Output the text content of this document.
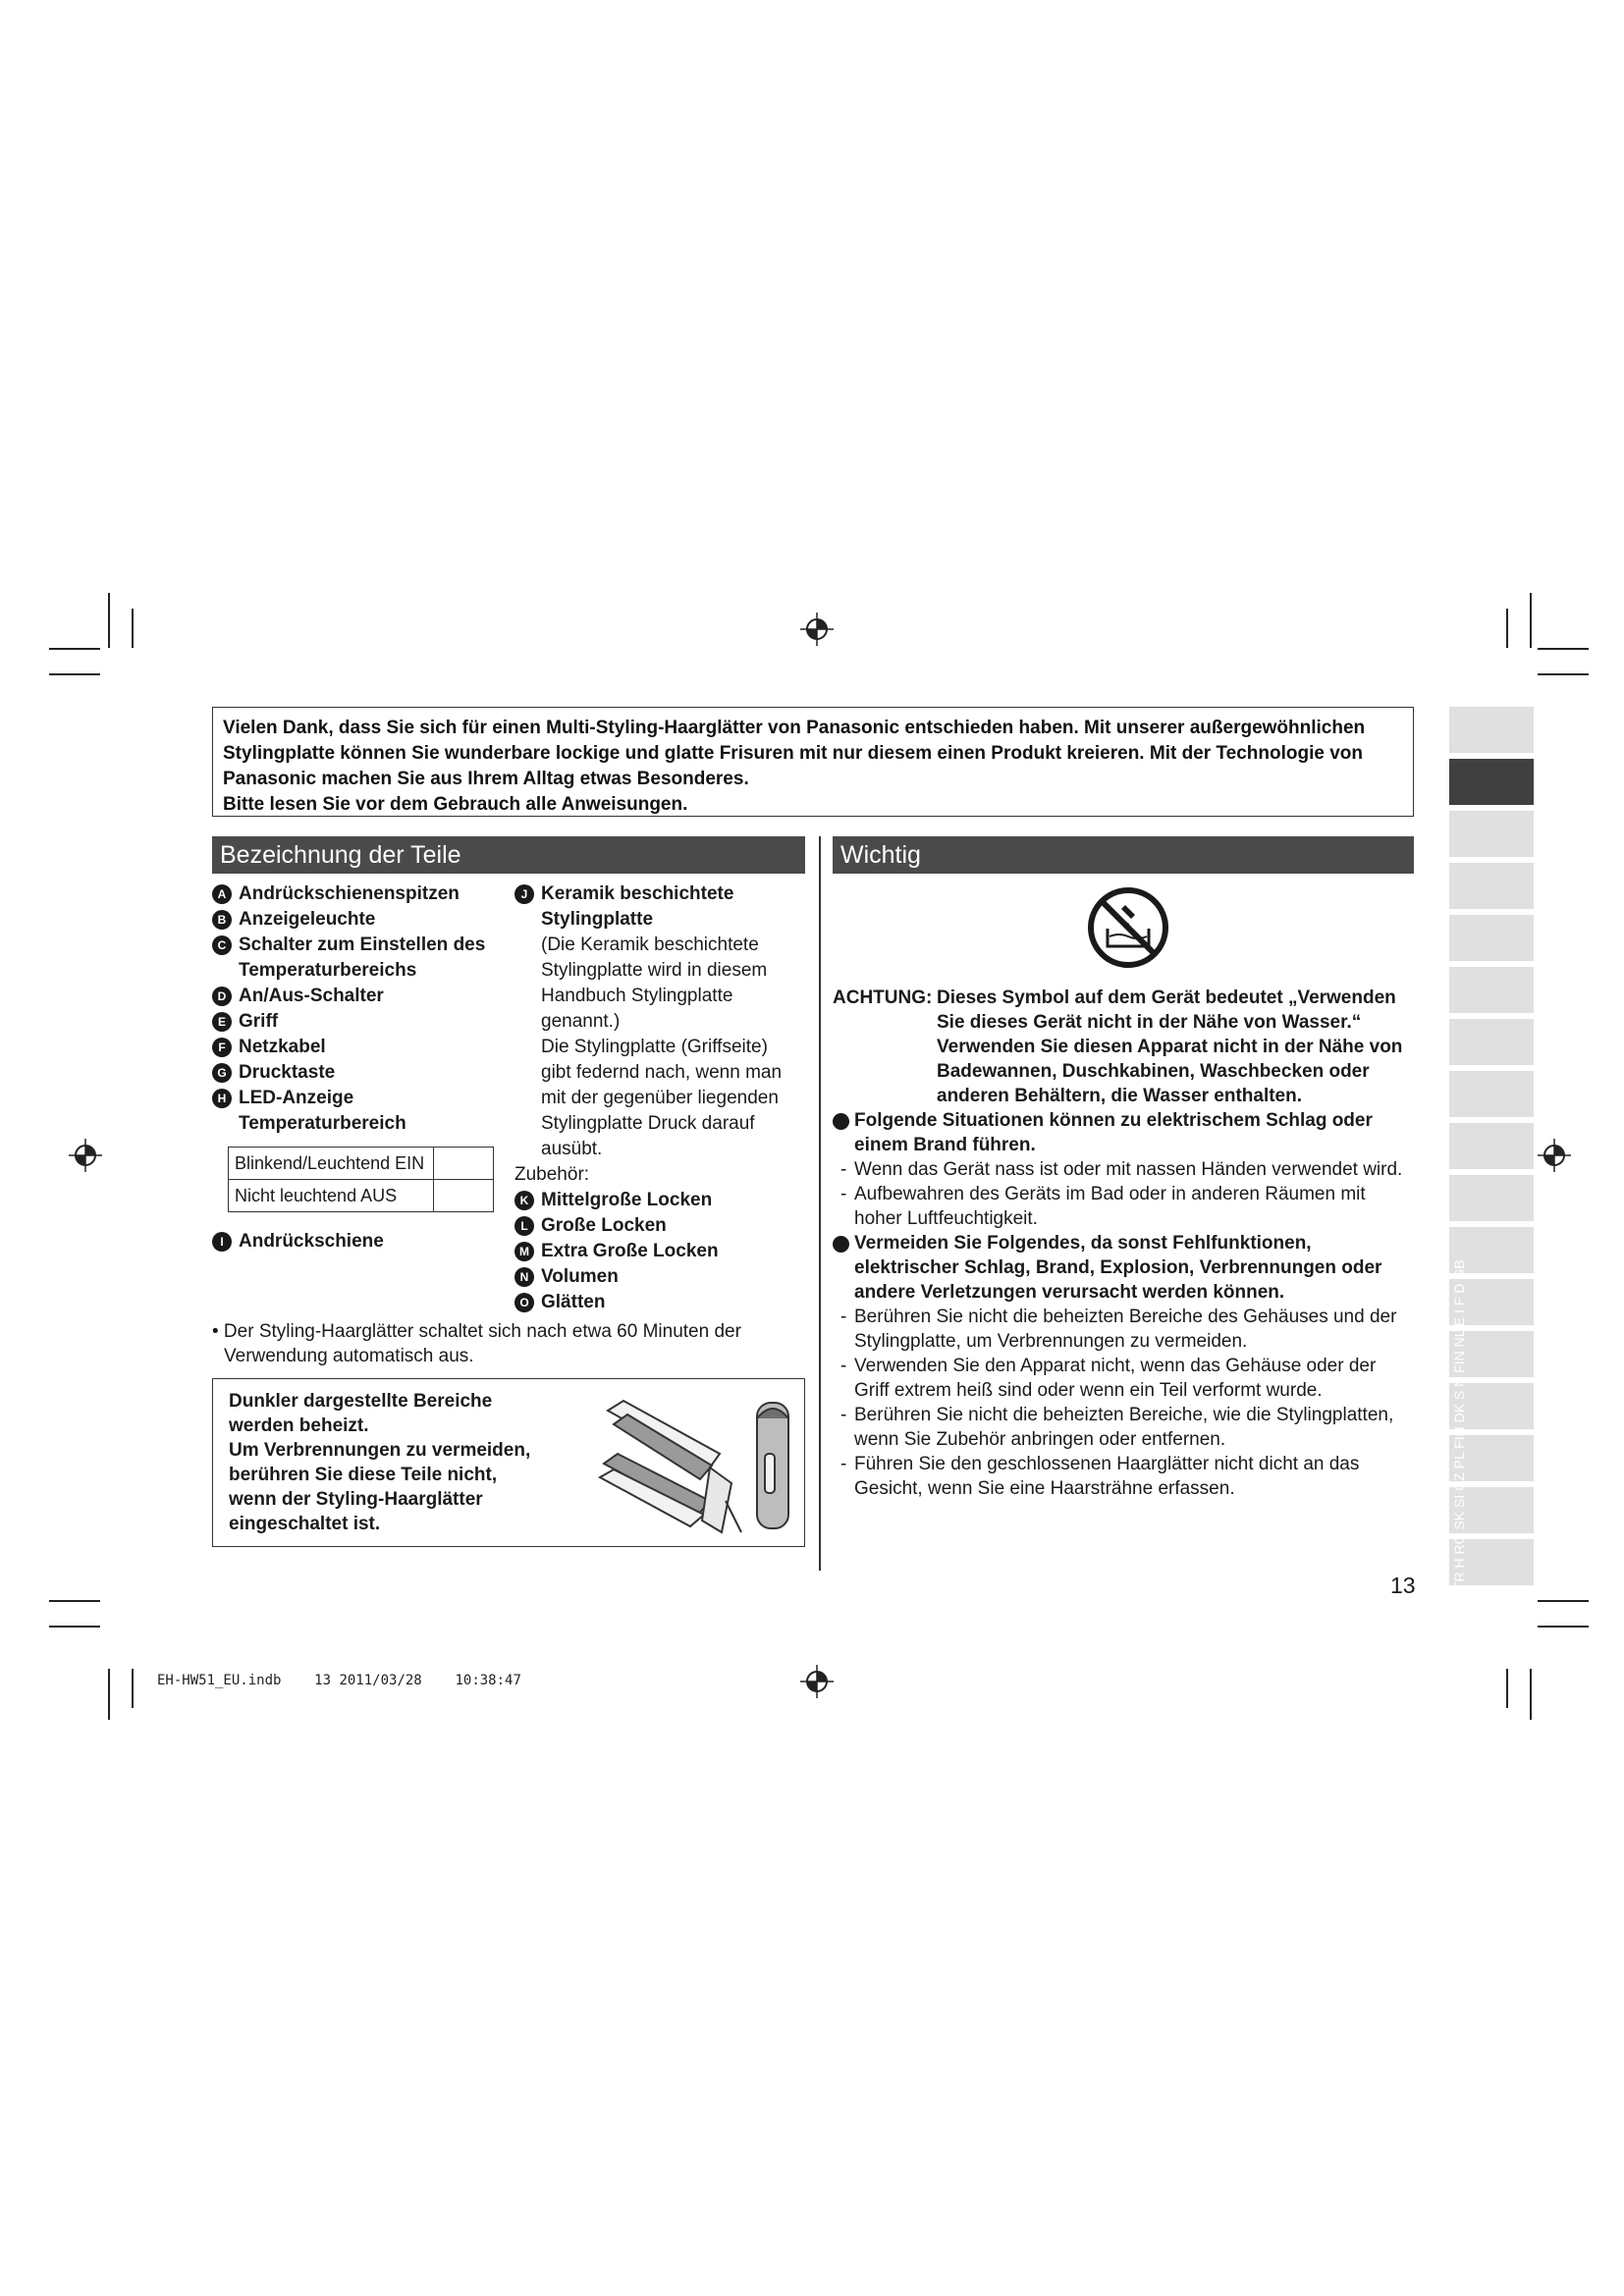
Vielen Dank, dass Sie sich für einen Multi-Styling-Haarglätter von Panasonic entschieden haben. Mit unserer außergewöhnlichen

Stylingplatte können Sie wunderbare lockige und glatte Frisuren mit nur diesem einen Produkt kreieren. Mit der Technologie von

Panasonic machen Sie aus Ihrem Alltag etwas Besonderes.

Bitte lesen Sie vor dem Gebrauch alle Anweisungen.

Bezeichnung der Teile	Wichtig
A Andrückschienenspitzen
B Anzeigeleuchte
C Schalter zum Einstellen des
Temperaturbereichs
D An/Aus-Schalter
E Griff
F Netzkabel
G Drucktaste
H LED-Anzeige
Temperaturbereich
Blinkend/Leuchtend EIN	
Nicht leuchtend AUS	
I Andrückschiene
J Keramik beschichtete
Stylingplatte
(Die Keramik beschichtete
Stylingplatte wird in diesem
Handbuch Stylingplatte
genannt.)
Die Stylingplatte (Griffseite)
gibt federnd nach, wenn man
mit der gegenüber liegenden
Stylingplatte Druck darauf
ausübt.
Zubehör:
K Mittelgroße Locken
L Große Locken
M Extra Große Locken
N Volumen
O Glätten
• Der Styling-Haarglätter schaltet sich nach etwa 60 Minuten der
Verwendung automatisch aus.

Dunkler dargestellte Bereiche

werden beheizt.

Um Verbrennungen zu vermeiden,

berühren Sie diese Teile nicht,

wenn der Styling-Haarglätter

eingeschaltet ist.

ACHTUNG: Dieses Symbol auf dem Gerät bedeutet „Verwenden
Sie dieses Gerät nicht in der Nähe von Wasser.“
Verwenden Sie diesen Apparat nicht in der Nähe von
Badewannen, Duschkabinen, Waschbecken oder
anderen Behältern, die Wasser enthalten.
Folgende Situationen können zu elektrischem Schlag oder
einem Brand führen.
- Wenn das Gerät nass ist oder mit nassen Händen verwendet wird.
- Aufbewahren des Geräts im Bad oder in anderen Räumen mit
hoher Luftfeuchtigkeit.
Vermeiden Sie Folgendes, da sonst Fehlfunktionen,
elektrischer Schlag, Brand, Explosion, Verbrennungen oder
andere Verletzungen verursacht werden können.
- Berühren Sie nicht die beheizten Bereiche des Gehäuses und der
Stylingplatte, um Verbrennungen zu vermeiden.
- Verwenden Sie den Apparat nicht, wenn das Gehäuse oder der
Griff extrem heiß sind oder wenn ein Teil verformt wurde.
- Berühren Sie nicht die beheizten Bereiche, wie die Stylingplatten,
wenn Sie Zubehör anbringen oder entfernen.
- Führen Sie den geschlossenen Haarglätter nicht dicht an das
Gesicht, wenn Sie eine Haarsträhne erfassen.
13
EH-HW51_EU.indb 13 2011/03/28 10:38:47
